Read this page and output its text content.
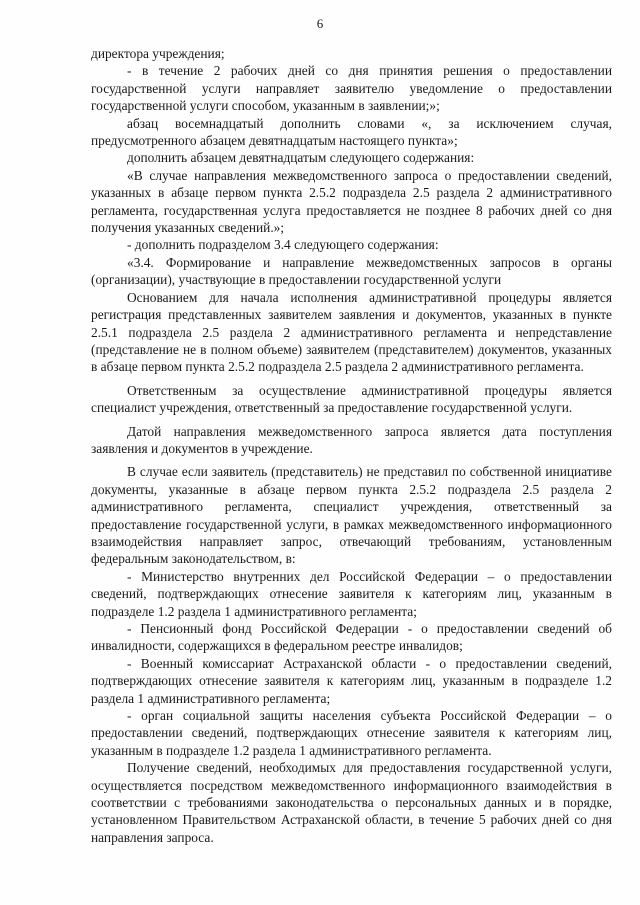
6

директора учреждения;

- в течение 2 рабочих дней со дня принятия решения о предоставлении государственной услуги направляет заявителю уведомление о предоставлении государственной услуги способом, указанным в заявлении;»;

абзац восемнадцатый дополнить словами «, за исключением случая, предусмотренного абзацем девятнадцатым настоящего пункта»;

дополнить абзацем девятнадцатым следующего содержания:

«В случае направления межведомственного запроса о предоставлении сведений, указанных в абзаце первом пункта 2.5.2 подраздела 2.5 раздела 2 административного регламента, государственная услуга предоставляется не позднее 8 рабочих дней со дня получения указанных сведений.»;

- дополнить подразделом 3.4 следующего содержания:

«3.4. Формирование и направление межведомственных запросов в органы (организации), участвующие в предоставлении государственной услуги

Основанием для начала исполнения административной процедуры является регистрация представленных заявителем заявления и документов, указанных в пункте 2.5.1 подраздела 2.5 раздела 2 административного регламента и непредставление (представление не в полном объеме) заявителем (представителем) документов, указанных в абзаце первом пункта 2.5.2 подраздела 2.5 раздела 2 административного регламента.

Ответственным за осуществление административной процедуры является специалист учреждения, ответственный за предоставление государственной услуги.

Датой направления межведомственного запроса является дата поступления заявления и документов в учреждение.

В случае если заявитель (представитель) не представил по собственной инициативе документы, указанные в абзаце первом пункта 2.5.2 подраздела 2.5 раздела 2 административного регламента, специалист учреждения, ответственный за предоставление государственной услуги, в рамках межведомственного информационного взаимодействия направляет запрос, отвечающий требованиям, установленным федеральным законодательством, в:

- Министерство внутренних дел Российской Федерации – о предоставлении сведений, подтверждающих отнесение заявителя к категориям лиц, указанным в подразделе 1.2 раздела 1 административного регламента;

- Пенсионный фонд Российской Федерации - о предоставлении сведений об инвалидности, содержащихся в федеральном реестре инвалидов;

- Военный комиссариат Астраханской области - о предоставлении сведений, подтверждающих отнесение заявителя к категориям лиц, указанным в подразделе 1.2 раздела 1 административного регламента;

- орган социальной защиты населения субъекта Российской Федерации – о предоставлении сведений, подтверждающих отнесение заявителя к категориям лиц, указанным в подразделе 1.2 раздела 1 административного регламента.

Получение сведений, необходимых для предоставления государственной услуги, осуществляется посредством межведомственного информационного взаимодействия в соответствии с требованиями законодательства о персональных данных и в порядке, установленном Правительством Астраханской области, в течение 5 рабочих дней со дня направления запроса.
